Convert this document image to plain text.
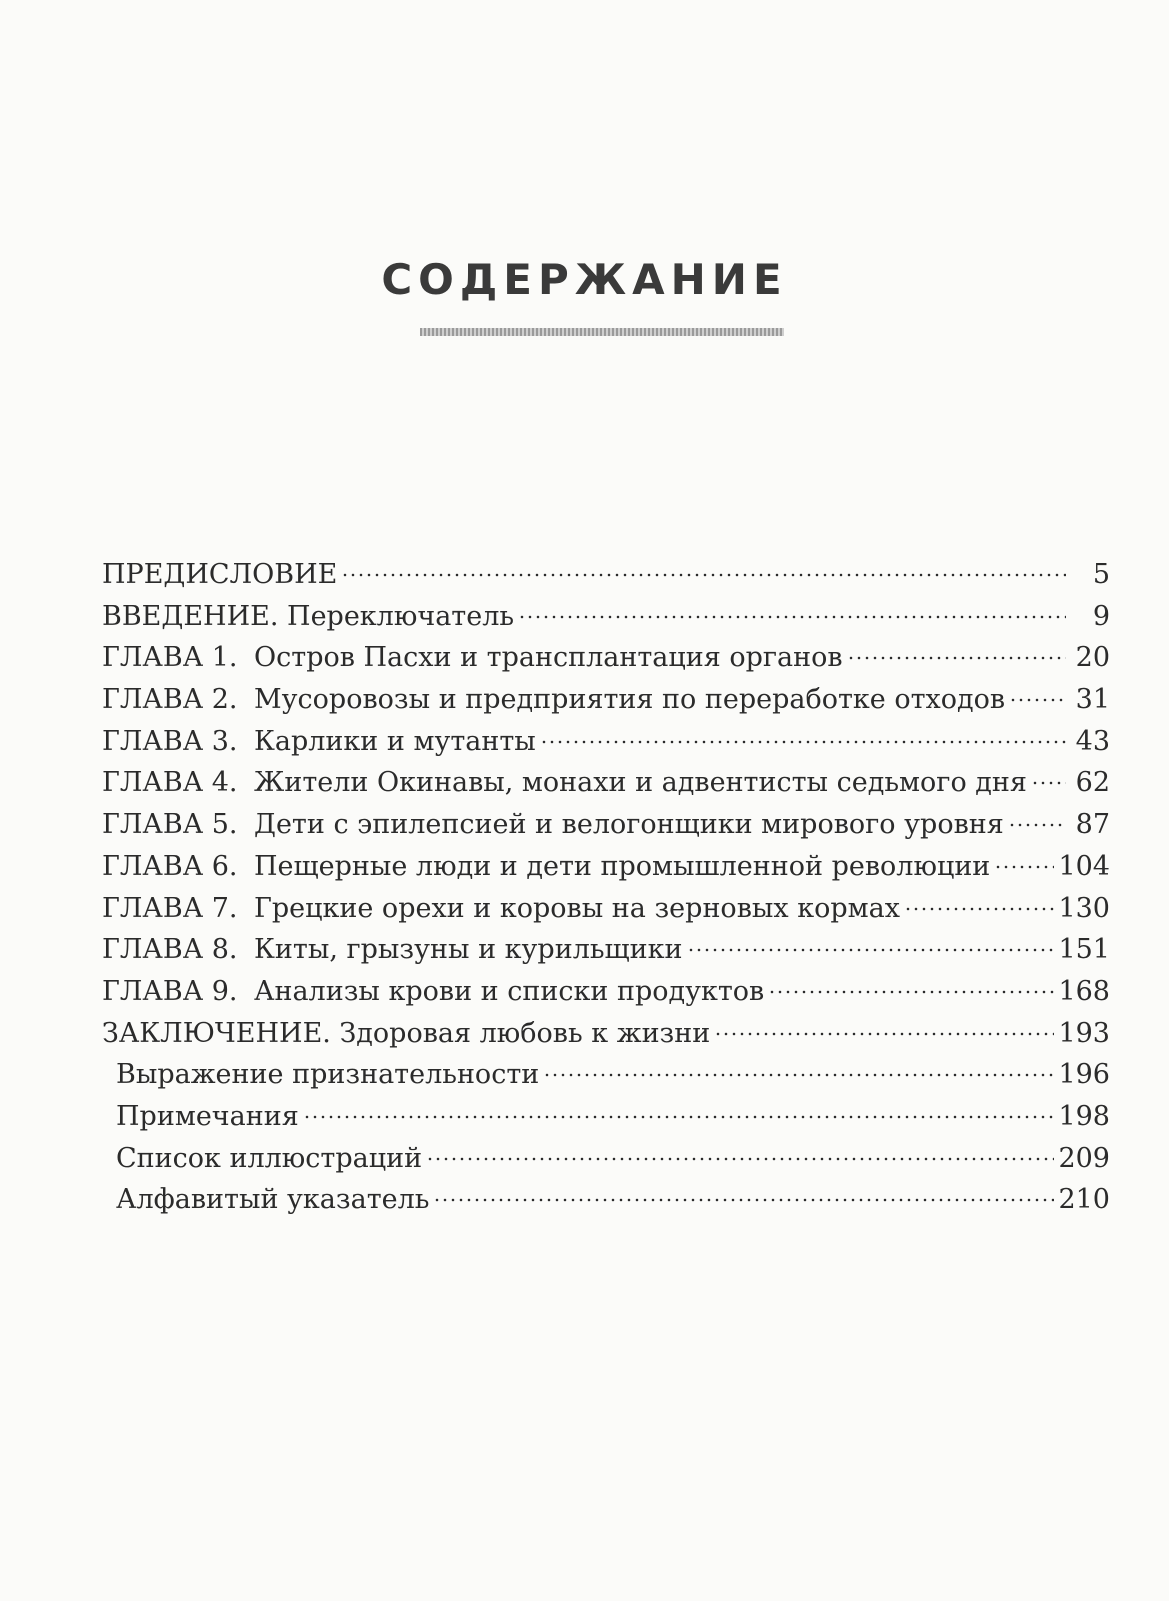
СОДЕРЖАНИЕ
ПРЕДИСЛОВИЕ	5
ВВЕДЕНИЕ. Переключатель	9
ГЛАВА 1. Остров Пасхи и трансплантация органов	20
ГЛАВА 2. Мусоровозы и предприятия по переработке отходов	31
ГЛАВА 3. Карлики и мутанты	43
ГЛАВА 4. Жители Окинавы, монахи и адвентисты седьмого дня 62
ГЛАВА 5. Дети с эпилепсией и велогонщики мирового уровня	87
ГЛАВА 6. Пещерные люди и дети промышленной революции	104
ГЛАВА 7. Грецкие орехи и коровы на зерновых кормах	130
ГЛАВА 8. Киты, грызуны и курильщики	151
ГЛАВА 9. Анализы крови и списки продуктов	168
ЗАКЛЮЧЕНИЕ. Здоровая любовь к жизни	193
Выражение признательности	196
Примечания	198
Список иллюстраций	209
Алфавитый указатель	210
